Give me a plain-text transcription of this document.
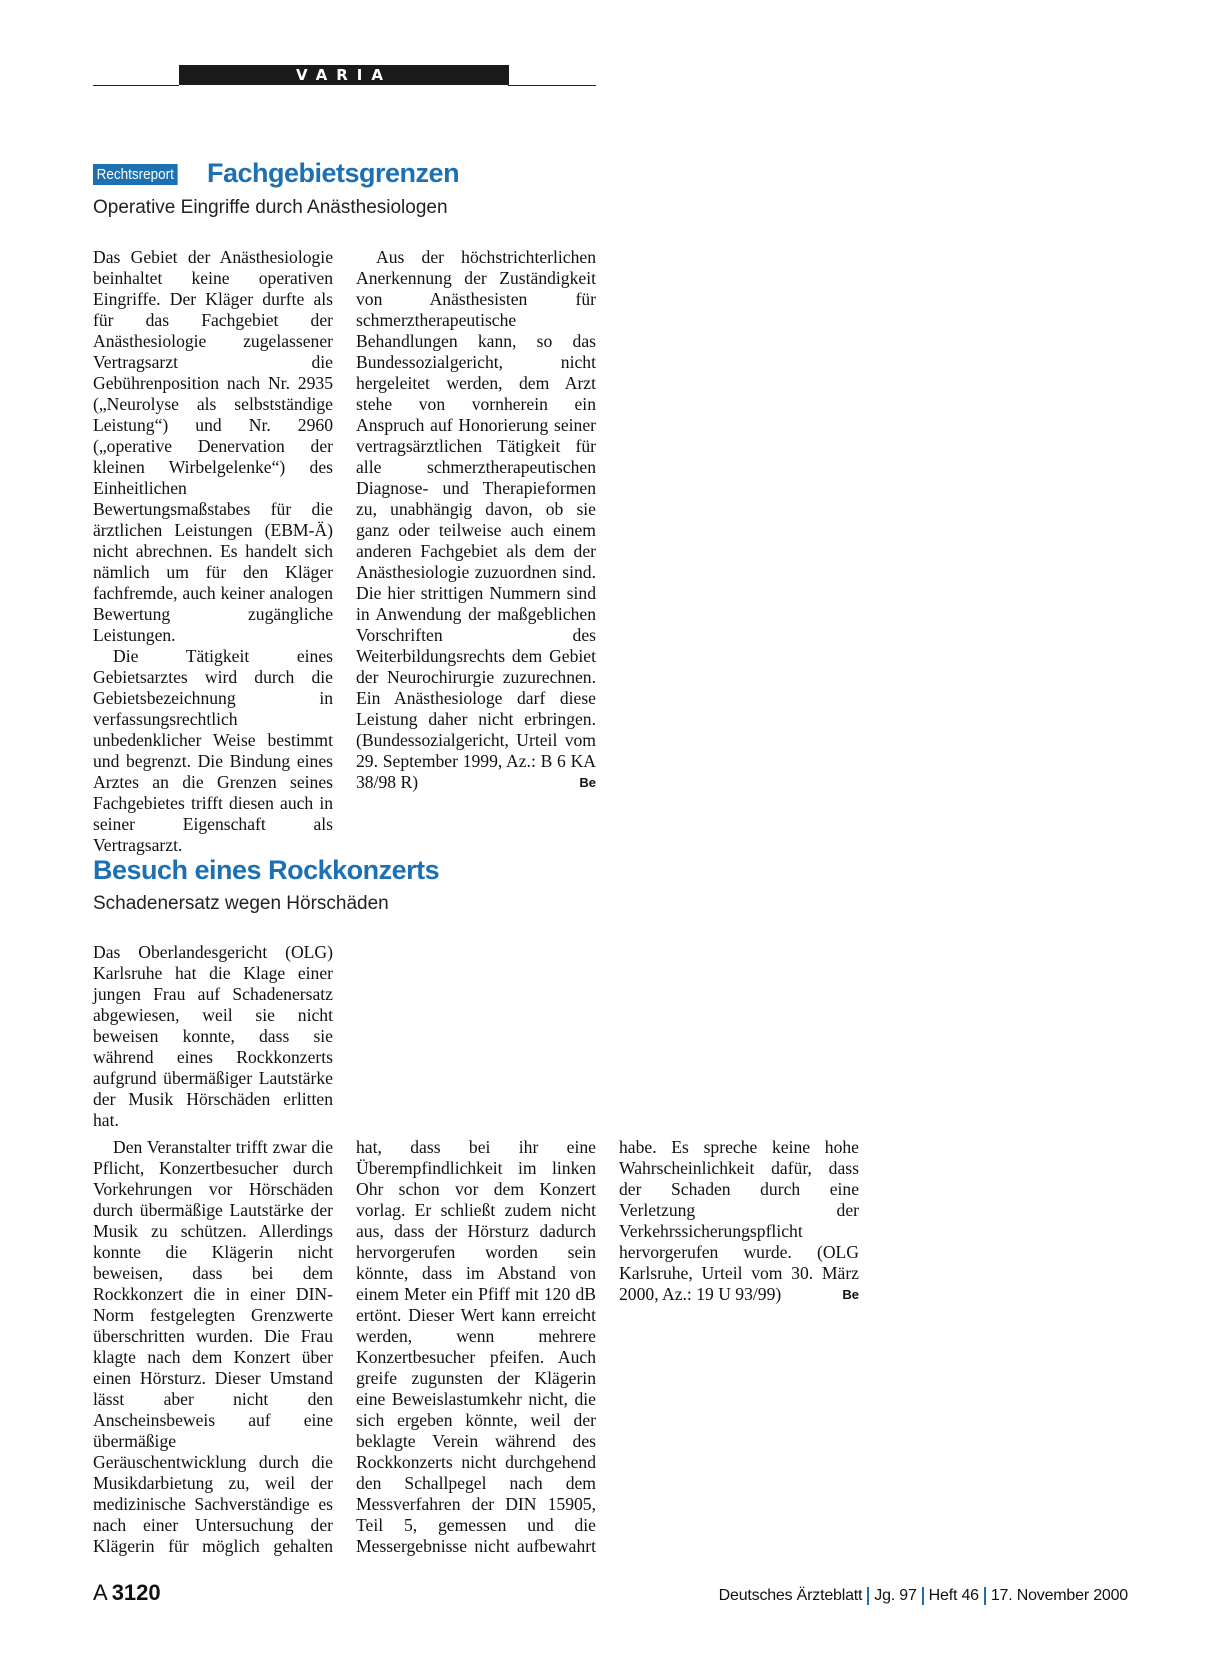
VARIA
Rechtsreport Fachgebietsgrenzen
Operative Eingriffe durch Anästhesiologen

Das Gebiet der Anästhesiologie beinhaltet keine operativen Eingriffe. Der Kläger durfte als für das Fachgebiet der Anästhesiologie zugelassener Vertragsarzt die Gebührenposition nach Nr. 2935 („Neurolyse als selbstständige Leistung“) und Nr. 2960 („operative Denervation der kleinen Wirbelgelenke“) des Einheitlichen Bewertungsmaßstabes für die ärztlichen Leistungen (EBM-Ä) nicht abrechnen. Es handelt sich nämlich um für den Kläger fachfremde, auch keiner analogen Bewertung zugängliche Leistungen.

Die Tätigkeit eines Gebietsarztes wird durch die Gebietsbezeichnung in verfassungsrechtlich unbedenklicher Weise bestimmt und begrenzt. Die Bindung eines Arztes an die Grenzen seines Fachgebietes trifft diesen auch in seiner Eigenschaft als Vertragsarzt.

Aus der höchstrichterlichen Anerkennung der Zuständigkeit von Anästhesisten für schmerztherapeutische Behandlungen kann, so das Bundessozialgericht, nicht hergeleitet werden, dem Arzt stehe von vornherein ein Anspruch auf Honorierung seiner vertragsärztlichen Tätigkeit für alle schmerztherapeutischen Diagnose- und Therapieformen zu, unabhängig davon, ob sie ganz oder teilweise auch einem anderen Fachgebiet als dem der Anästhesiologie zuzuordnen sind. Die hier strittigen Nummern sind in Anwendung der maßgeblichen Vorschriften des Weiterbildungsrechts dem Gebiet der Neurochirurgie zuzurechnen. Ein Anästhesiologe darf diese Leistung daher nicht erbringen. (Bundessozialgericht, Urteil vom 29. September 1999, Az.: B 6 KA 38/98 R)	Be

Besuch eines Rockkonzerts
Schadenersatz wegen Hörschäden

Das Oberlandesgericht (OLG) Karlsruhe hat die Klage einer jungen Frau auf Schadenersatz abgewiesen, weil sie nicht beweisen konnte, dass sie während eines Rockkonzerts aufgrund übermäßiger Lautstärke der Musik Hörschäden erlitten hat.

Den Veranstalter trifft zwar die Pflicht, Konzertbesucher durch Vorkehrungen vor Hörschäden durch übermäßige Lautstärke der Musik zu schützen. Allerdings konnte die Klägerin nicht beweisen, dass bei dem Rockkonzert die in einer DIN-Norm festgelegten Grenzwerte überschritten wurden. Die Frau klagte nach dem Konzert über einen Hörsturz. Dieser Umstand lässt aber nicht den Anscheinsbeweis auf eine übermäßige Geräuschentwicklung durch die Musikdarbietung zu, weil der medizinische Sachverständige es nach einer Untersuchung der Klägerin für möglich gehalten hat, dass bei ihr eine Überempfindlichkeit im linken Ohr schon vor dem Konzert vorlag. Er schließt zudem nicht aus, dass der Hörsturz dadurch hervorgerufen worden sein könnte, dass im Abstand von einem Meter ein Pfiff mit 120 dB ertönt. Dieser Wert kann erreicht werden, wenn mehrere Konzertbesucher pfeifen. Auch greife zugunsten der Klägerin eine Beweislastumkehr nicht, die sich ergeben könnte, weil der beklagte Verein während des Rockkonzerts nicht durchgehend den Schallpegel nach dem Messverfahren der DIN 15905, Teil 5, gemessen und die Messergebnisse nicht aufbewahrt habe. Es spreche keine hohe Wahrscheinlichkeit dafür, dass der Schaden durch eine Verletzung der Verkehrssicherungspflicht hervorgerufen wurde. (OLG Karlsruhe, Urteil vom 30. März 2000, Az.: 19 U 93/99)	Be

A 3120	Deutsches Ärzteblatt Jg. 97 Heft 46 17. November 2000
